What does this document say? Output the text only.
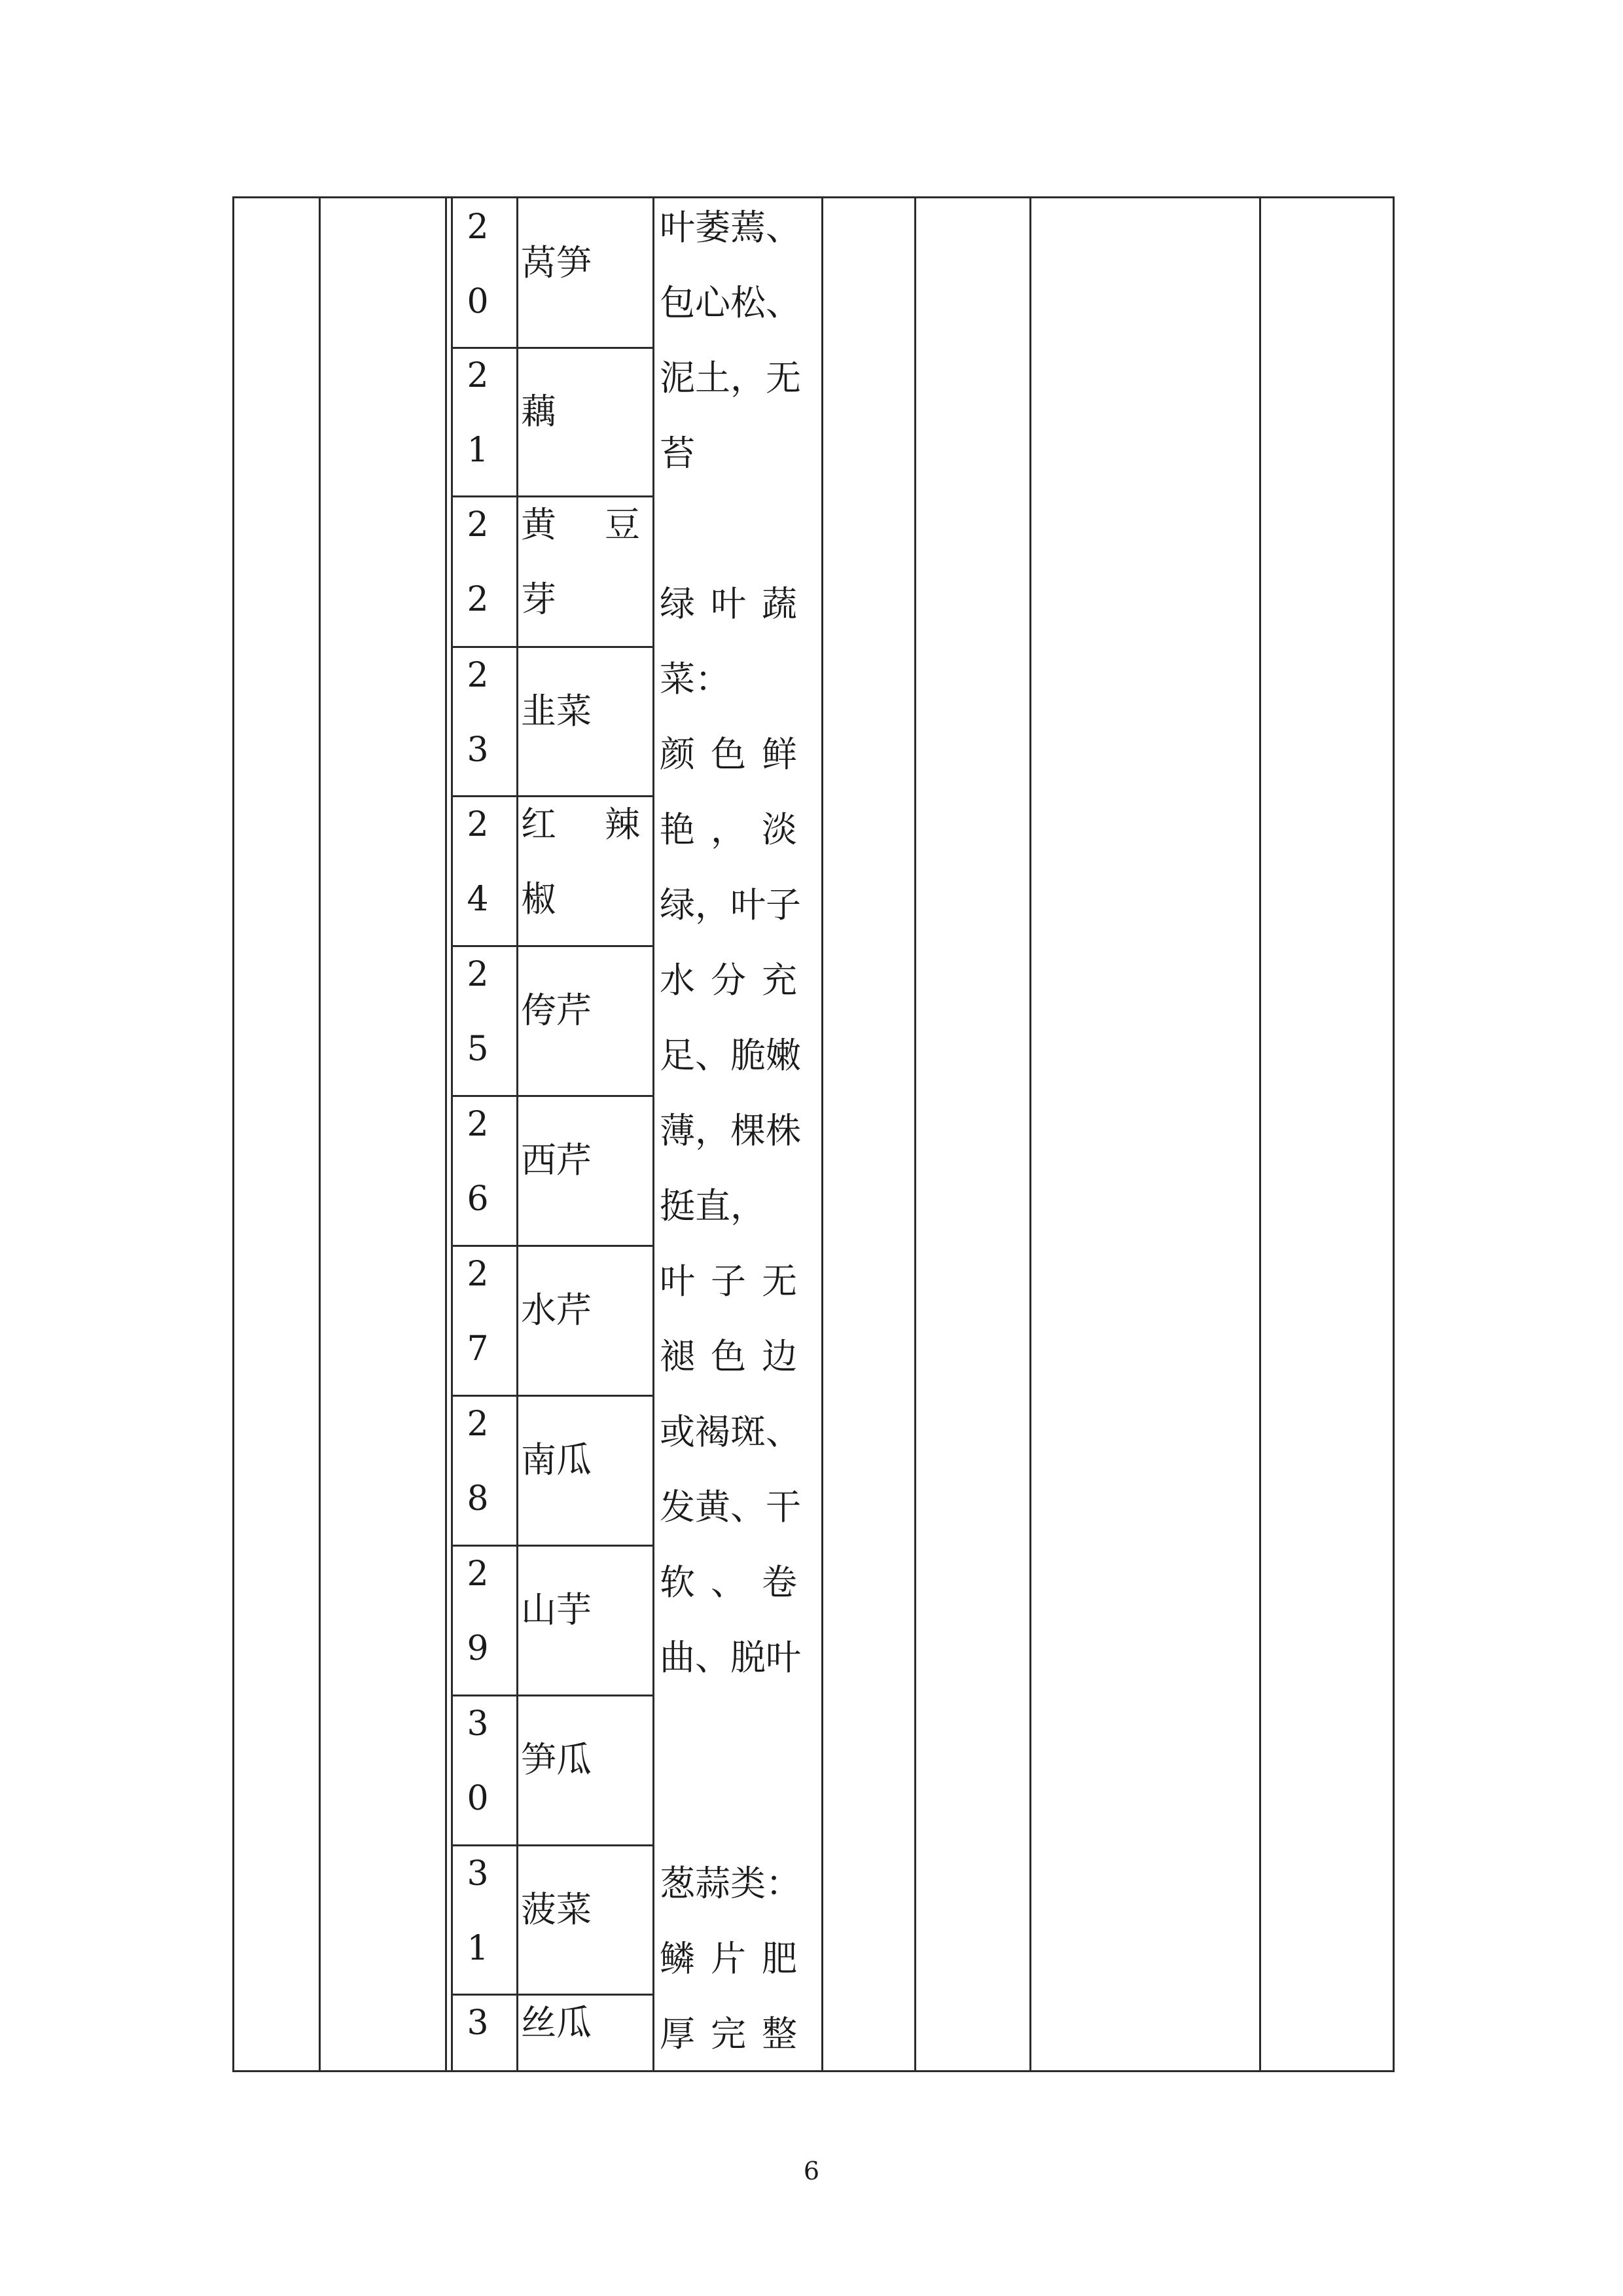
2
0
莴笋
2
1
藕
2
2
黄 豆
芽
2
3
韭菜
2
4
红 辣
椒
2
5
侉芹
2
6
西芹
2
7
水芹
2
8
南瓜
2
9
山芋
3
0
笋瓜
3
1
菠菜
3 丝瓜
叶萎蔫、
包心松、
泥土，无
苔
绿 叶 蔬
菜：
颜 色 鲜
艳 ， 淡
绿，叶子
水 分 充
足、脆嫩
薄，棵株
挺直，
叶 子 无
褪 色 边
或褐斑、
发黄、干
软 、 卷
曲、脱叶
葱蒜类：
鳞 片 肥
厚 完 整
6
